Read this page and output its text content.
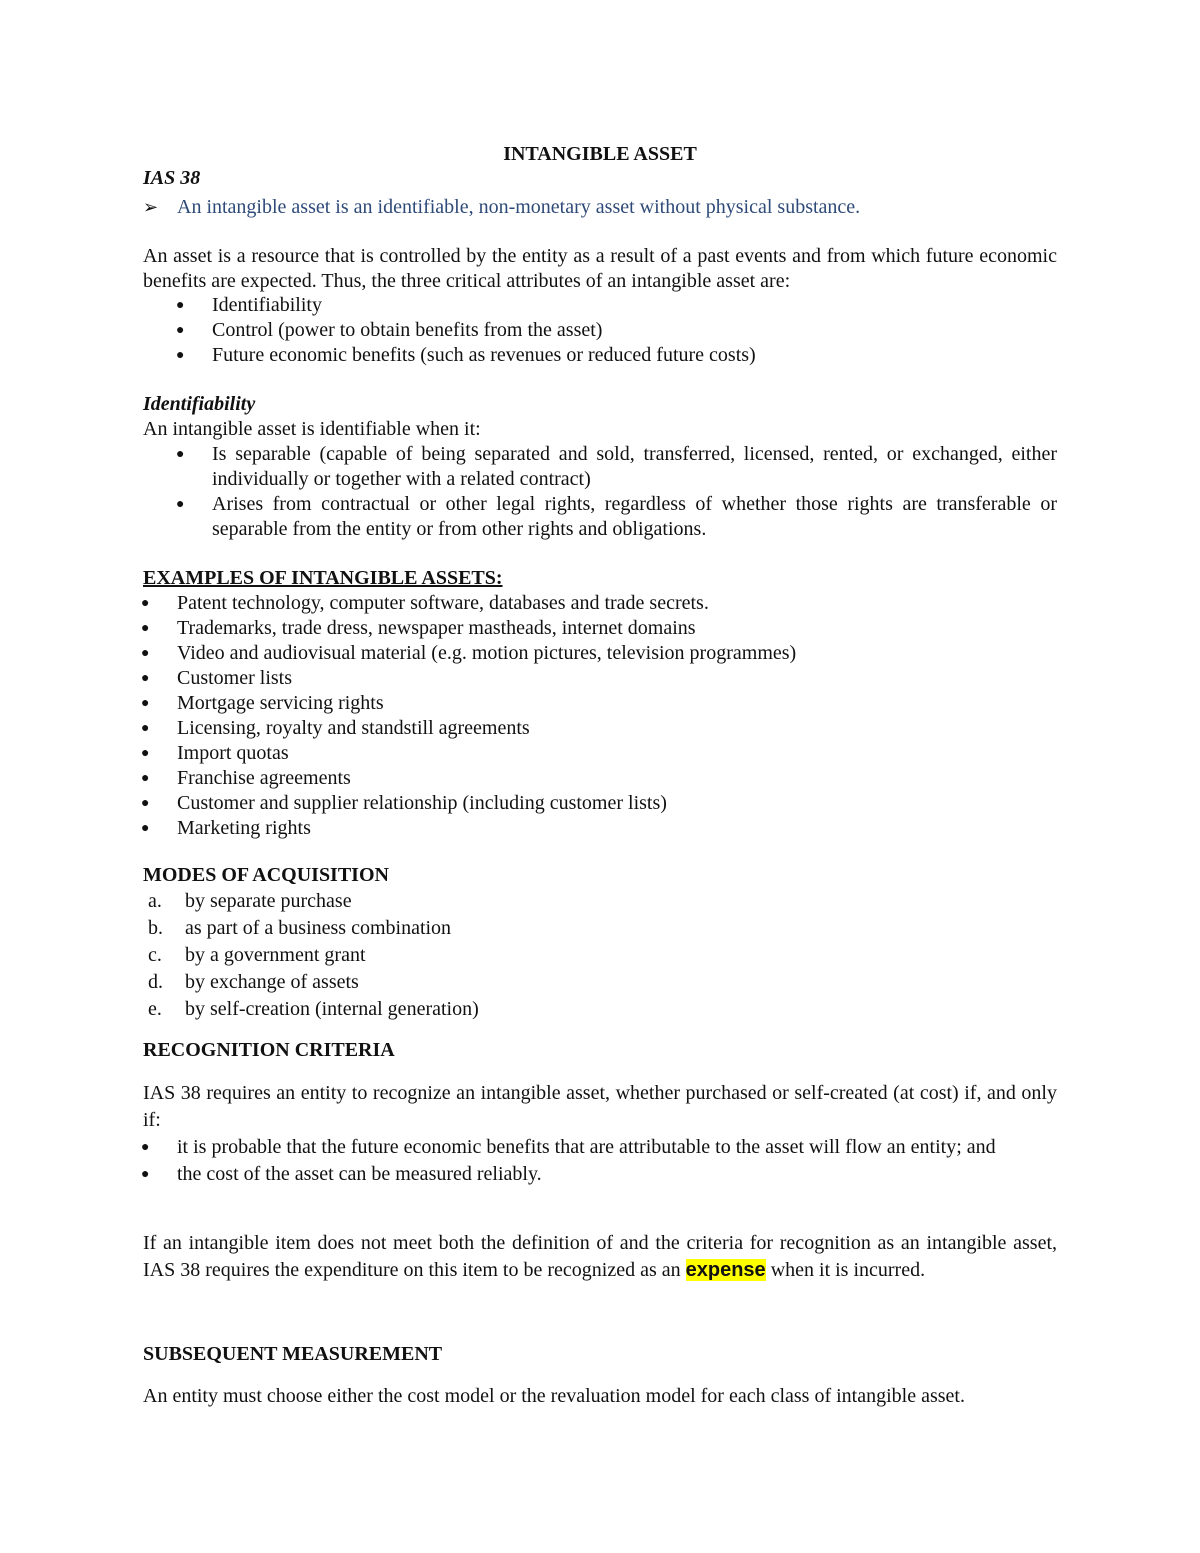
INTANGIBLE ASSET

IAS 38

➢ An intangible asset is an identifiable, non-monetary asset without physical substance.

An asset is a resource that is controlled by the entity as a result of a past events and from which future economic benefits are expected. Thus, the three critical attributes of an intangible asset are:

● Identifiability
● Control (power to obtain benefits from the asset)
● Future economic benefits (such as revenues or reduced future costs)

Identifiability

An intangible asset is identifiable when it:

● Is separable (capable of being separated and sold, transferred, licensed, rented, or exchanged, either individually or together with a related contract)
● Arises from contractual or other legal rights, regardless of whether those rights are transferable or separable from the entity or from other rights and obligations.

EXAMPLES OF INTANGIBLE ASSETS:

● Patent technology, computer software, databases and trade secrets.
● Trademarks, trade dress, newspaper mastheads, internet domains
● Video and audiovisual material (e.g. motion pictures, television programmes)
● Customer lists
● Mortgage servicing rights
● Licensing, royalty and standstill agreements
● Import quotas
● Franchise agreements
● Customer and supplier relationship (including customer lists)
● Marketing rights

MODES OF ACQUISITION

a. by separate purchase
b. as part of a business combination
c. by a government grant
d. by exchange of assets
e. by self-creation (internal generation)

RECOGNITION CRITERIA

IAS 38 requires an entity to recognize an intangible asset, whether purchased or self-created (at cost) if, and only if:

● it is probable that the future economic benefits that are attributable to the asset will flow an entity; and
● the cost of the asset can be measured reliably.

If an intangible item does not meet both the definition of and the criteria for recognition as an intangible asset, IAS 38 requires the expenditure on this item to be recognized as an expense when it is incurred.

SUBSEQUENT MEASUREMENT

An entity must choose either the cost model or the revaluation model for each class of intangible asset.
